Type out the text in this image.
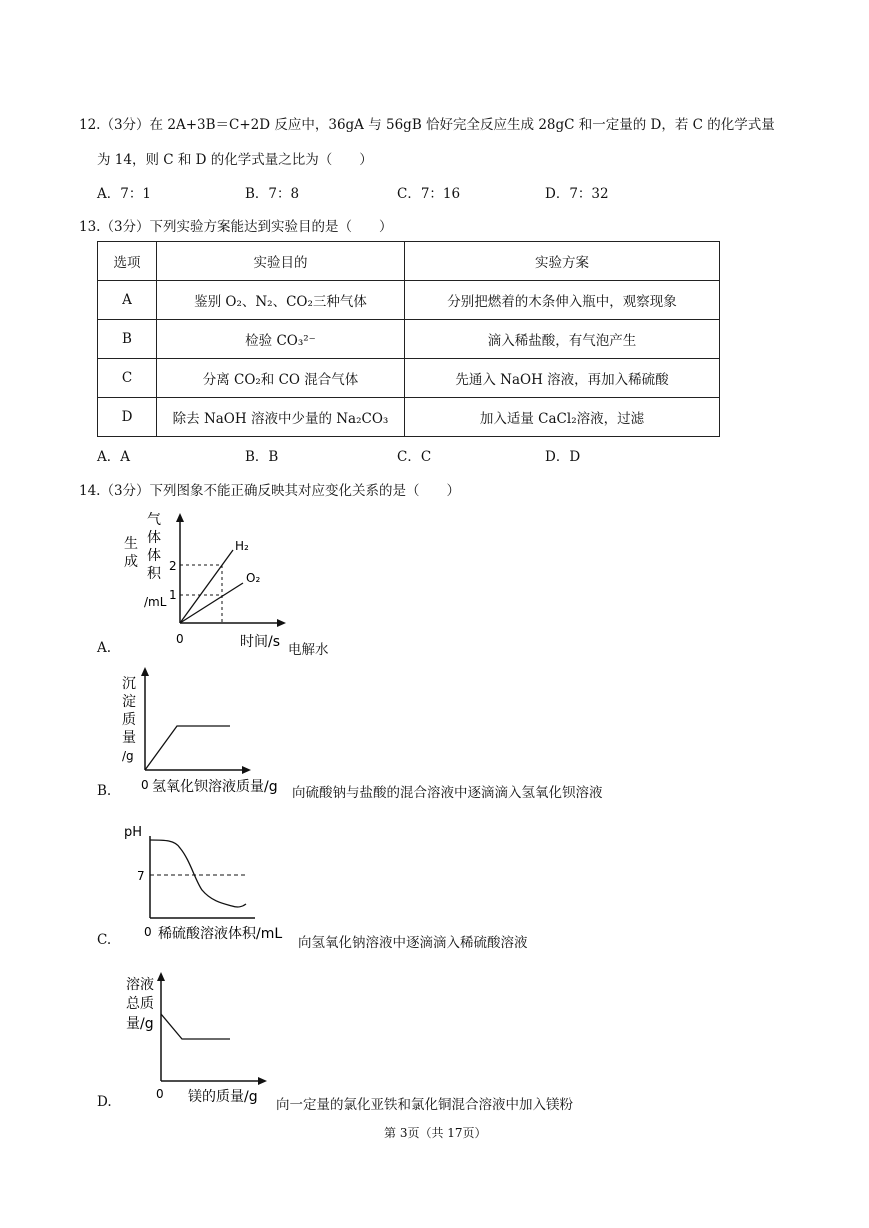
12.（3分）在 2A+3B＝C+2D 反应中，36gA 与 56gB 恰好完全反应生成 28gC 和一定量的 D，若 C 的化学式量
为 14，则 C 和 D 的化学式量之比为（　　）
A．7：1	B．7：8	C．7：16	D．7：32
13.（3分）下列实验方案能达到实验目的是（　　）
选项	实验目的	实验方案
A	鉴别 O₂、N₂、CO₂三种气体	分别把燃着的木条伸入瓶中，观察现象
B	检验 CO₃²⁻	滴入稀盐酸，有气泡产生
C	分离 CO₂和 CO 混合气体	先通入 NaOH 溶液，再加入稀硫酸
D	除去 NaOH 溶液中少量的 Na₂CO₃	加入适量 CaCl₂溶液，过滤
A．A	B．B	C．C	D．D
14.（3分）下列图象不能正确反映其对应变化关系的是（　　）
生
成
气
体
体
积
/mL
2
1
H₂
O₂
0	时间/s
A.	电解水
沉
淀
质
量
/g
0 氢氧化钡溶液质量/g
B.	向硫酸钠与盐酸的混合溶液中逐滴滴入氢氧化钡溶液
pH
7
0 稀硫酸溶液体积/mL
C.	向氢氧化钠溶液中逐滴滴入稀硫酸溶液
溶液
总质
量/g
0 镁的质量/g
D.	向一定量的氯化亚铁和氯化铜混合溶液中加入镁粉
第 3页（共 17页）
